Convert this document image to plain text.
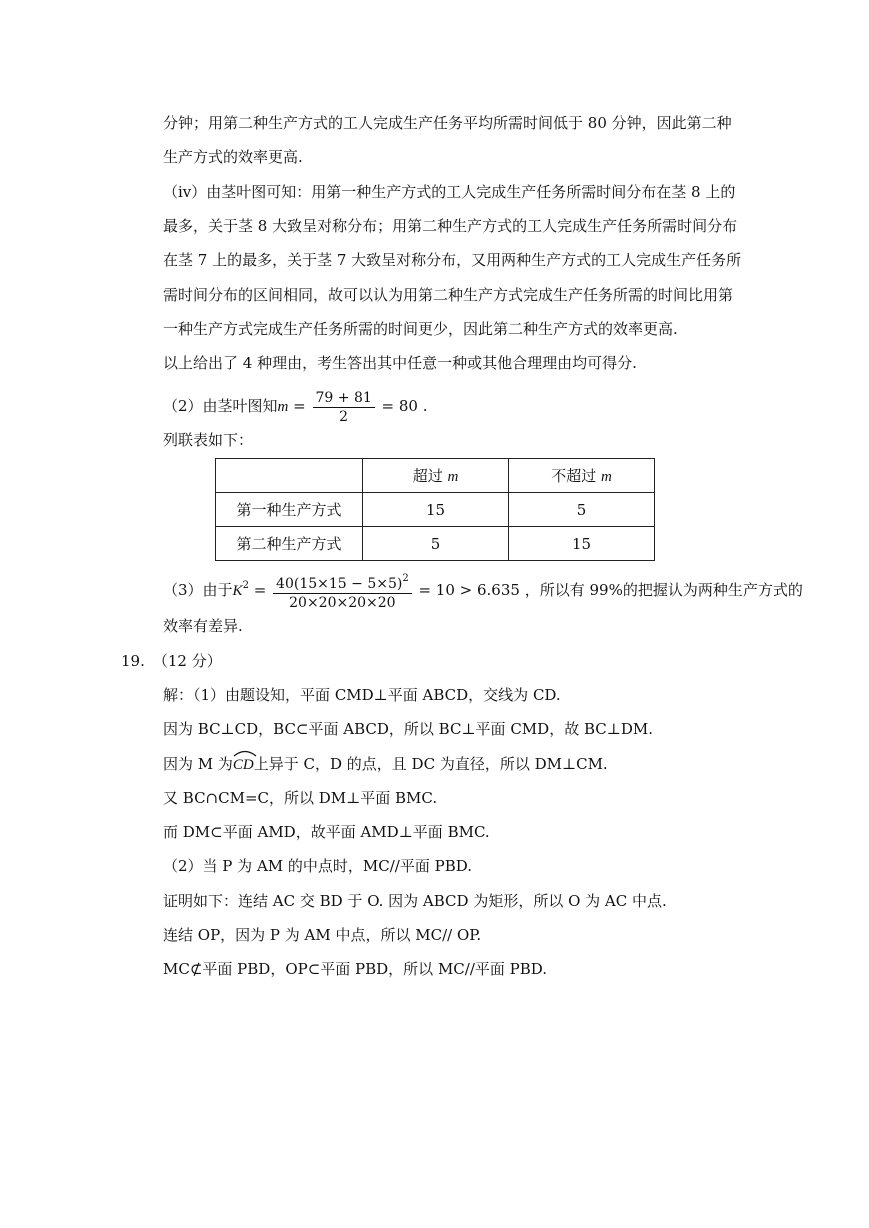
分钟；用第二种生产方式的工人完成生产任务平均所需时间低于 80 分钟，因此第二种
生产方式的效率更高.
（iv）由茎叶图可知：用第一种生产方式的工人完成生产任务所需时间分布在茎 8 上的
最多，关于茎 8 大致呈对称分布；用第二种生产方式的工人完成生产任务所需时间分布
在茎 7 上的最多，关于茎 7 大致呈对称分布，又用两种生产方式的工人完成生产任务所
需时间分布的区间相同，故可以认为用第二种生产方式完成生产任务所需的时间比用第
一种生产方式完成生产任务所需的时间更少，因此第二种生产方式的效率更高.
以上给出了 4 种理由，考生答出其中任意一种或其他合理理由均可得分.
（2）由茎叶图知$m = \frac{79 + 81}{2} = 80$ .
列联表如下：
	超过 m	不超过 m
第一种生产方式	15	5
第二种生产方式	5	15
（3）由于$K^2 = \frac{40(15\times 15 - 5\times 5)^2}{20\times 20\times 20\times 20} = 10 > 6.635$ ，所以有 99%的把握认为两种生产方式的
效率有差异.
19. （12 分）
解：（1）由题设知，平面 CMD⊥平面 ABCD，交线为 CD.
因为 BC⊥CD，BC⊂平面 ABCD，所以 BC⊥平面 CMD，故 BC⊥DM.
因为 M 为
CD上异于 C，D 的点，且 DC 为直径，所以 DM⊥CM.
又 BC∩CM=C，所以 DM⊥平面 BMC.
而 DM⊂平面 AMD，故平面 AMD⊥平面 BMC.
（2）当 P 为 AM 的中点时，MC//平面 PBD.
证明如下：连结 AC 交 BD 于 O. 因为 ABCD 为矩形，所以 O 为 AC 中点.
连结 OP，因为 P 为 AM 中点，所以 MC// OP.
MC⊄平面 PBD，OP⊂平面 PBD，所以 MC//平面 PBD.
